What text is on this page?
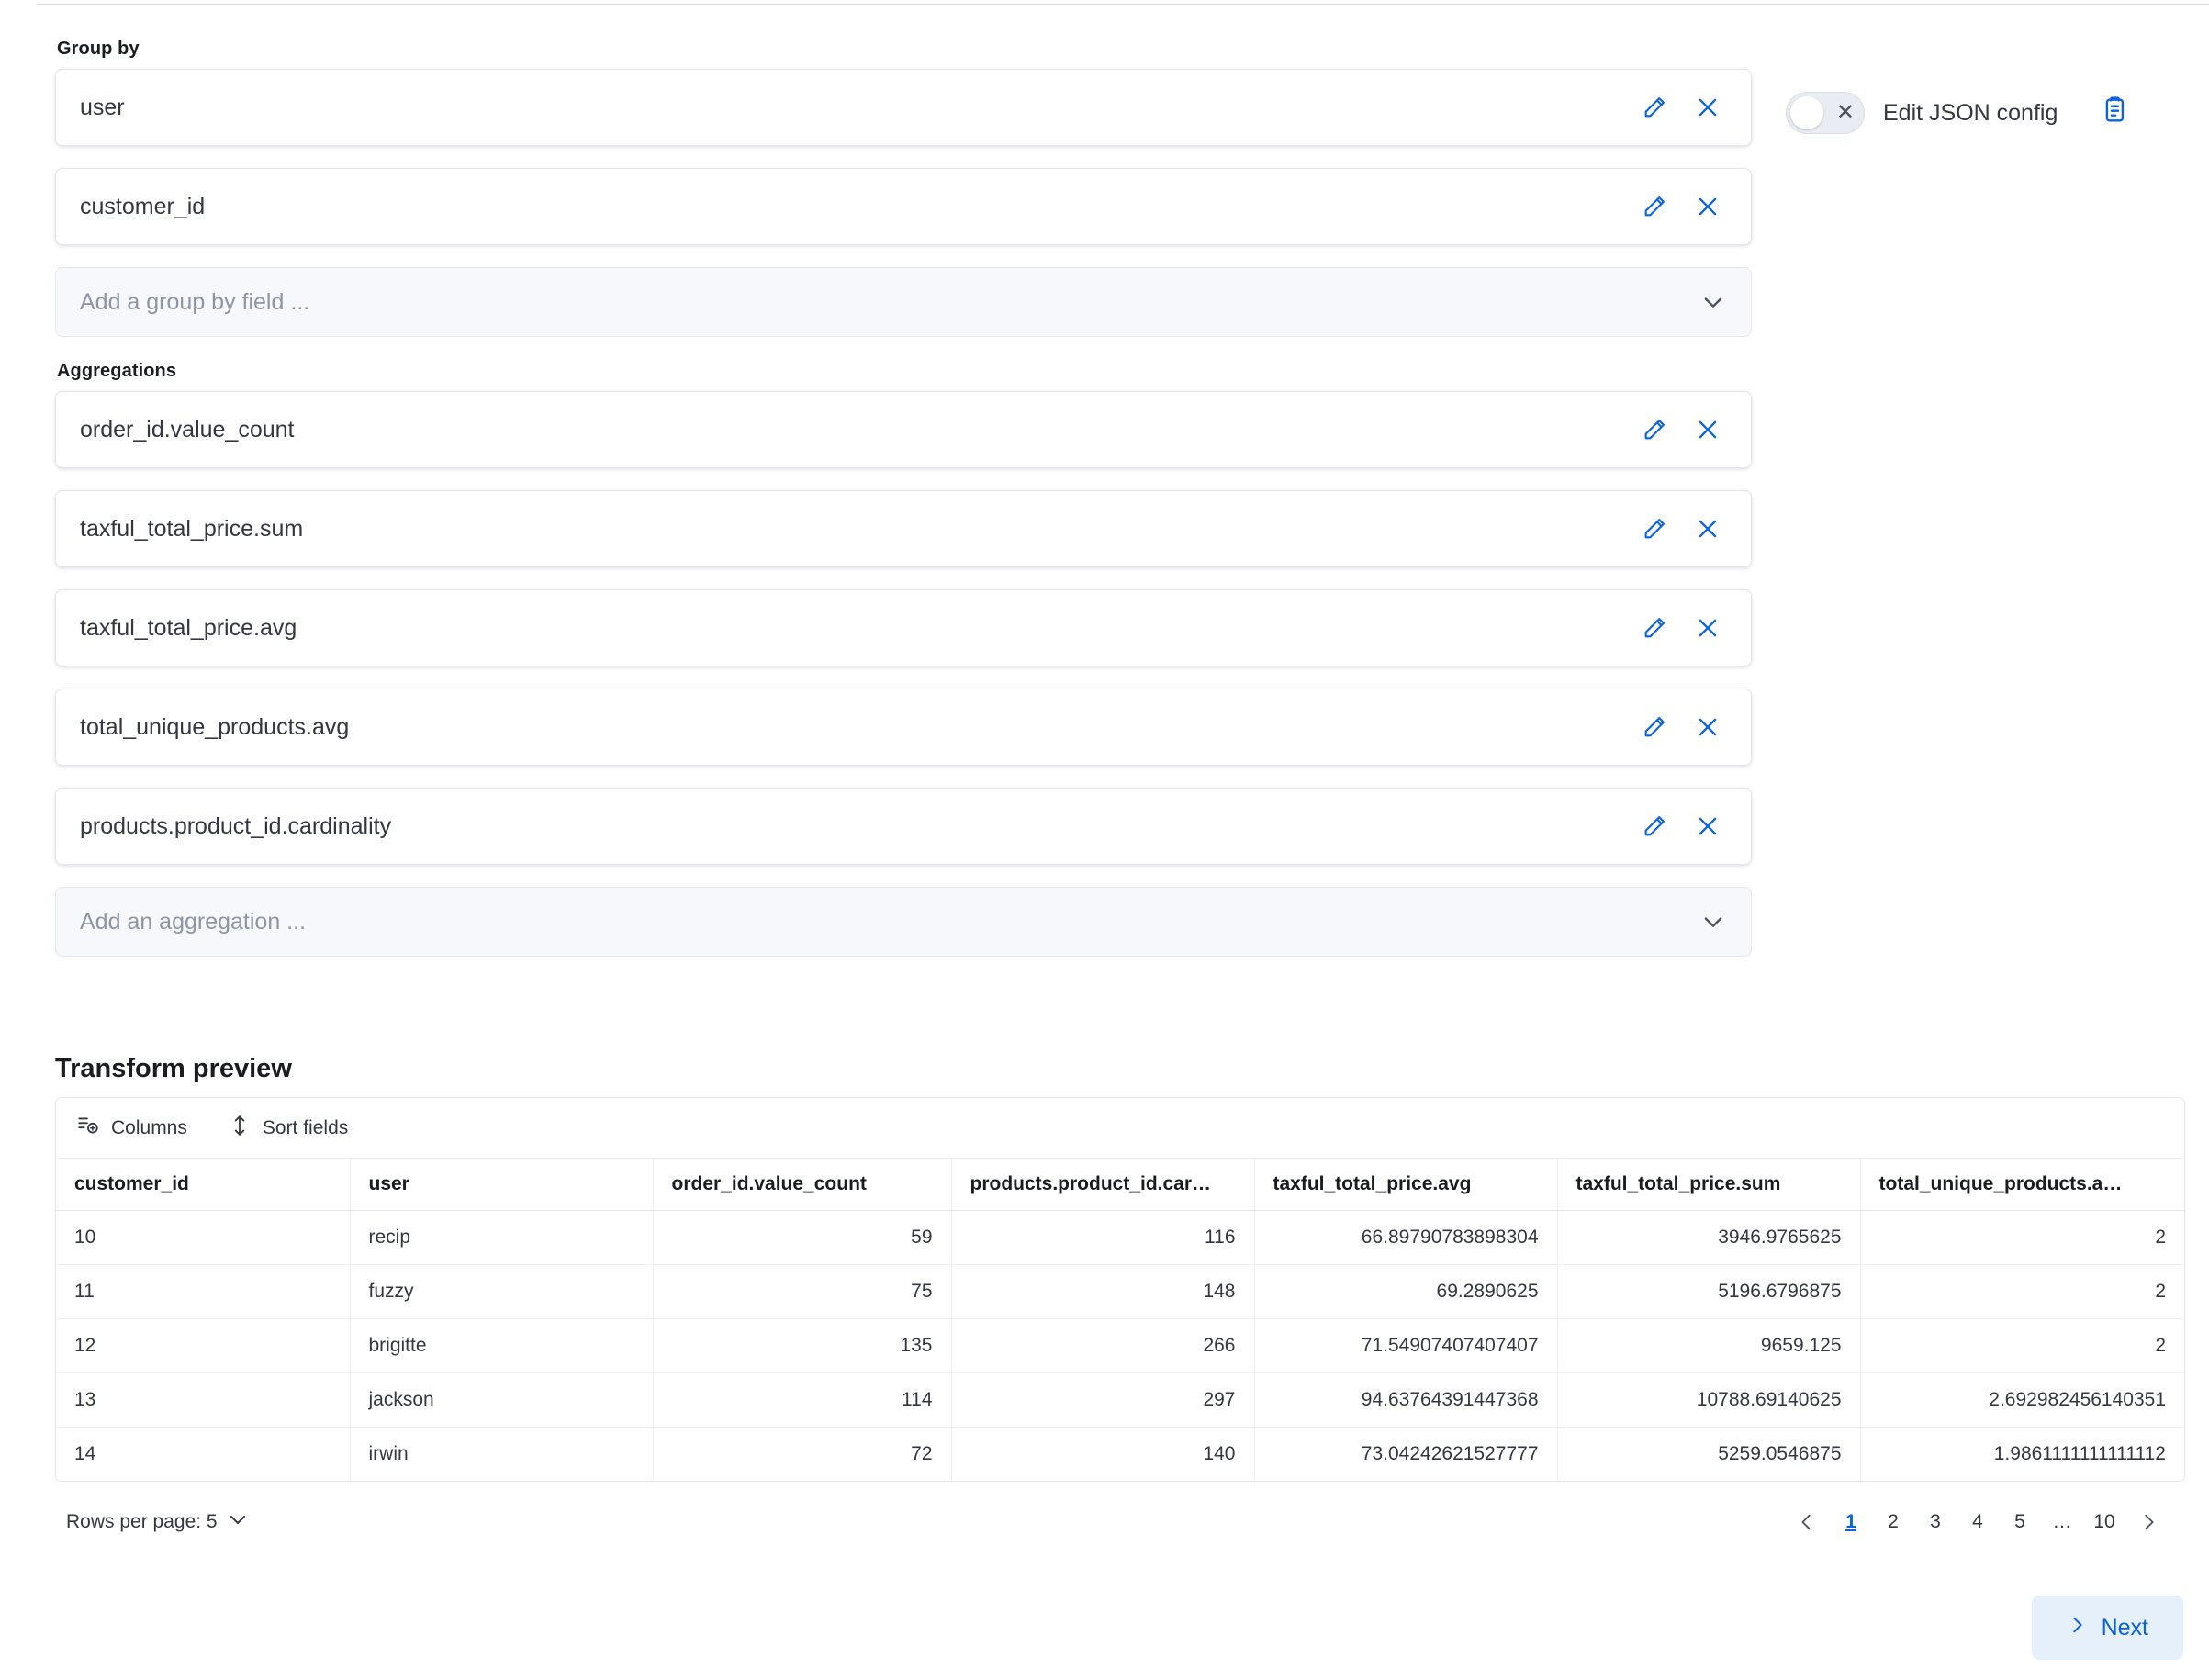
Group by
user
customer_id
Add a group by field ...
Aggregations
order_id.value_count
taxful_total_price.sum
taxful_total_price.avg
total_unique_products.avg
products.product_id.cardinality
Add an aggregation ...
✕ Edit JSON config
Transform preview
Columns	Sort fields
customer_id	user	order_id.value_count	products.product_id.car…	taxful_total_price.avg	taxful_total_price.sum	total_unique_products.a…
10	recip	59	116	66.89790783898304	3946.9765625	2
11	fuzzy	75	148	69.2890625	5196.6796875	2
12	brigitte	135	266	71.54907407407407	9659.125	2
13	jackson	114	297	94.63764391447368	10788.69140625	2.692982456140351
14	irwin	72	140	73.04242621527777	5259.0546875	1.9861111111111112
Rows per page: 5	1	2	3	4	5	…	10
Next
